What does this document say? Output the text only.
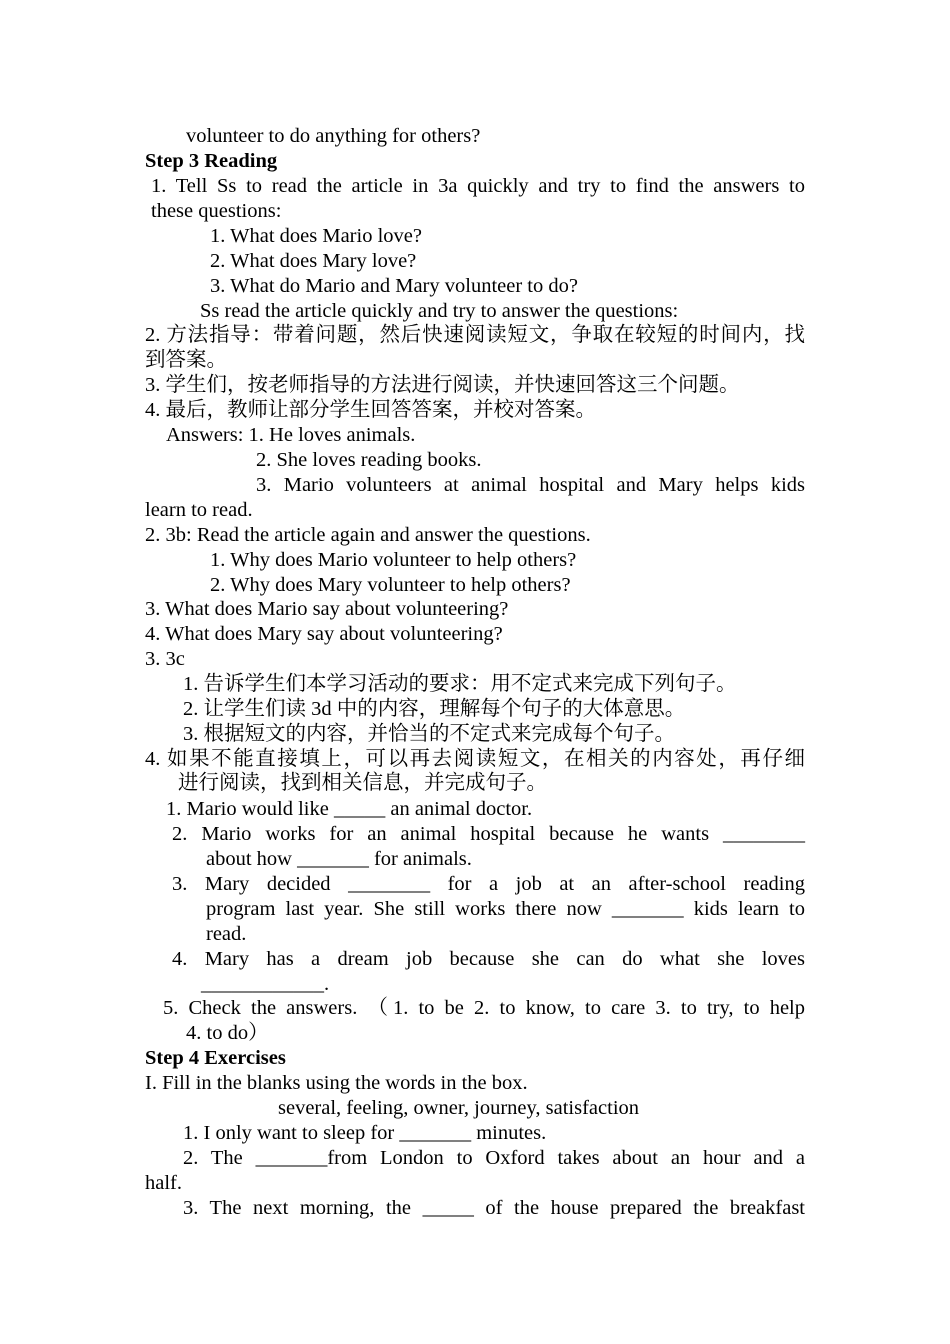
volunteer to do anything for others?
Step 3 Reading
1. Tell Ss to read the article in 3a quickly and try to find the answers to
these questions:
1. What does Mario love?
2. What does Mary love?
3. What do Mario and Mary volunteer to do?
Ss read the article quickly and try to answer the questions:
2. 方法指导：带着问题，然后快速阅读短文，争取在较短的时间内，找
到答案。
3. 学生们，按老师指导的方法进行阅读，并快速回答这三个问题。
4. 最后，教师让部分学生回答答案，并校对答案。
Answers: 1. He loves animals.
2. She loves reading books.
3. Mario volunteers at animal hospital and Mary helps kids
learn to read.
2. 3b: Read the article again and answer the questions.
1. Why does Mario volunteer to help others?
2. Why does Mary volunteer to help others?
3. What does Mario say about volunteering?
4. What does Mary say about volunteering?
3. 3c
1. 告诉学生们本学习活动的要求：用不定式来完成下列句子。
2. 让学生们读 3d 中的内容，理解每个句子的大体意思。
3. 根据短文的内容，并恰当的不定式来完成每个句子。
4. 如果不能直接填上，可以再去阅读短文，在相关的内容处，再仔细
进行阅读，找到相关信息，并完成句子。
1. Mario would like _____ an animal doctor.
2. Mario works for an animal hospital because he wants ________
about how _______ for animals.
3. Mary decided ________ for a job at an after-school reading
program last year. She still works there now _______ kids learn to
read.
4. Mary has a dream job because she can do what she loves
____________.
5. Check the answers. （1. to be 2. to know, to care 3. to try, to help
4. to do）
Step 4 Exercises
I. Fill in the blanks using the words in the box.
several, feeling, owner, journey, satisfaction
1. I only want to sleep for _______ minutes.
2. The _______from London to Oxford takes about an hour and a
half.
3. The next morning, the _____ of the house prepared the breakfast
